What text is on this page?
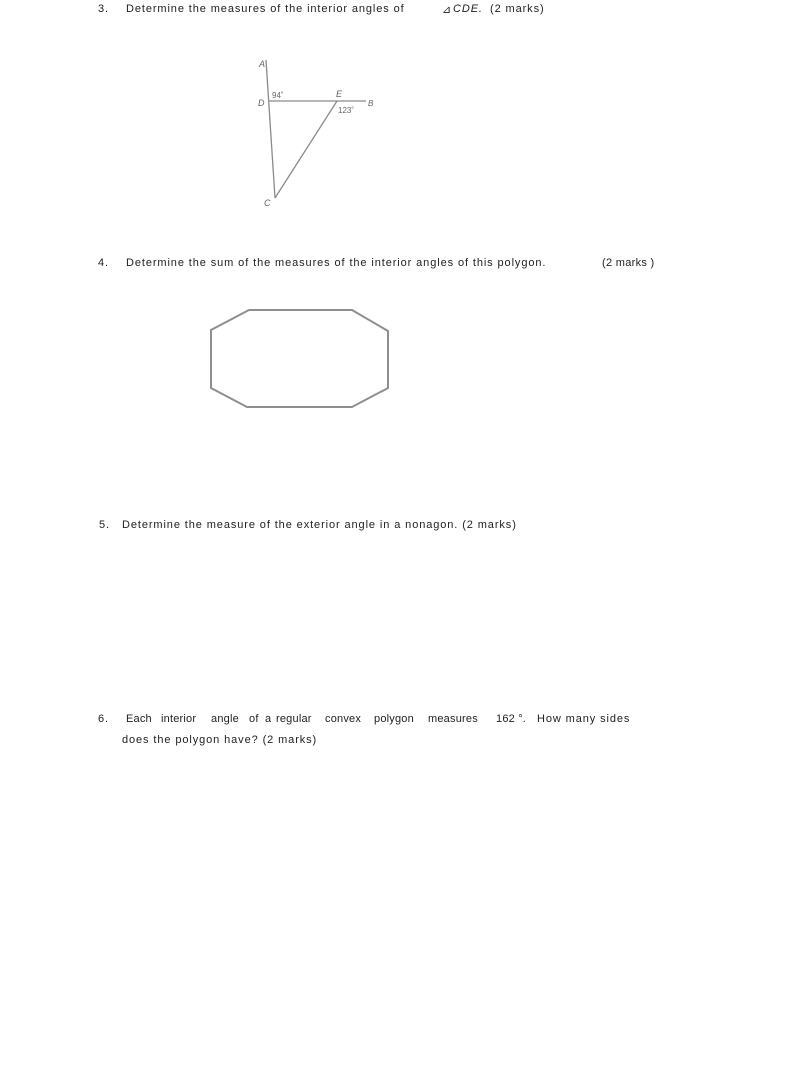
3. Determine the measures of the interior angles of	⊿ CDE. (2 marks)
A
D
E
B
C
94˚
123˚
4. Determine the sum of the measures of the interior angles of this polygon.	(2 marks )
5. Determine the measure of the exterior angle in a nonagon. (2 marks)
6. Each interior angle of a regular convex polygon measures 162 °. How many sides
does the polygon have? (2 marks)
